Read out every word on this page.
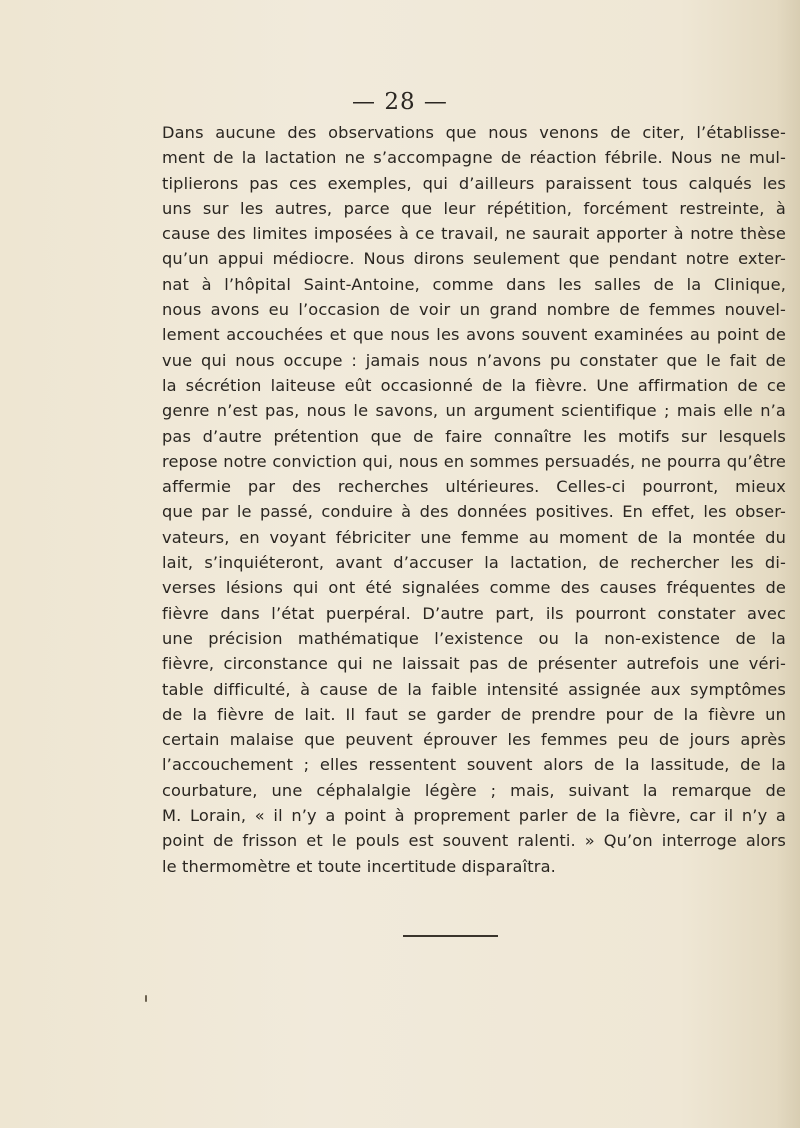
— 28 —
Dans aucune des observations que nous venons de citer, l’établisse-
ment de la lactation ne s’accompagne de réaction fébrile. Nous ne mul-
tiplierons pas ces exemples, qui d’ailleurs paraissent tous calqués les
uns sur les autres, parce que leur répétition, forcément restreinte, à
cause des limites imposées à ce travail, ne saurait apporter à notre thèse
qu’un appui médiocre. Nous dirons seulement que pendant notre exter-
nat à l’hôpital Saint-Antoine, comme dans les salles de la Clinique,
nous avons eu l’occasion de voir un grand nombre de femmes nouvel-
lement accouchées et que nous les avons souvent examinées au point de
vue qui nous occupe : jamais nous n’avons pu constater que le fait de
la sécrétion laiteuse eût occasionné de la fièvre. Une affirmation de ce
genre n’est pas, nous le savons, un argument scientifique ; mais elle n’a
pas d’autre prétention que de faire connaître les motifs sur lesquels
repose notre conviction qui, nous en sommes persuadés, ne pourra qu’être
affermie par des recherches ultérieures. Celles-ci pourront, mieux
que par le passé, conduire à des données positives. En effet, les obser-
vateurs, en voyant fébriciter une femme au moment de la montée du
lait, s’inquiéteront, avant d’accuser la lactation, de rechercher les di-
verses lésions qui ont été signalées comme des causes fréquentes de
fièvre dans l’état puerpéral. D’autre part, ils pourront constater avec
une précision mathématique l’existence ou la non-existence de la
fièvre, circonstance qui ne laissait pas de présenter autrefois une véri-
table difficulté, à cause de la faible intensité assignée aux symptômes
de la fièvre de lait. Il faut se garder de prendre pour de la fièvre un
certain malaise que peuvent éprouver les femmes peu de jours après
l’accouchement ; elles ressentent souvent alors de la lassitude, de la
courbature, une céphalalgie légère ; mais, suivant la remarque de
M. Lorain, « il n’y a point à proprement parler de la fièvre, car il n’y a
point de frisson et le pouls est souvent ralenti. » Qu’on interroge alors
le thermomètre et toute incertitude disparaîtra.
